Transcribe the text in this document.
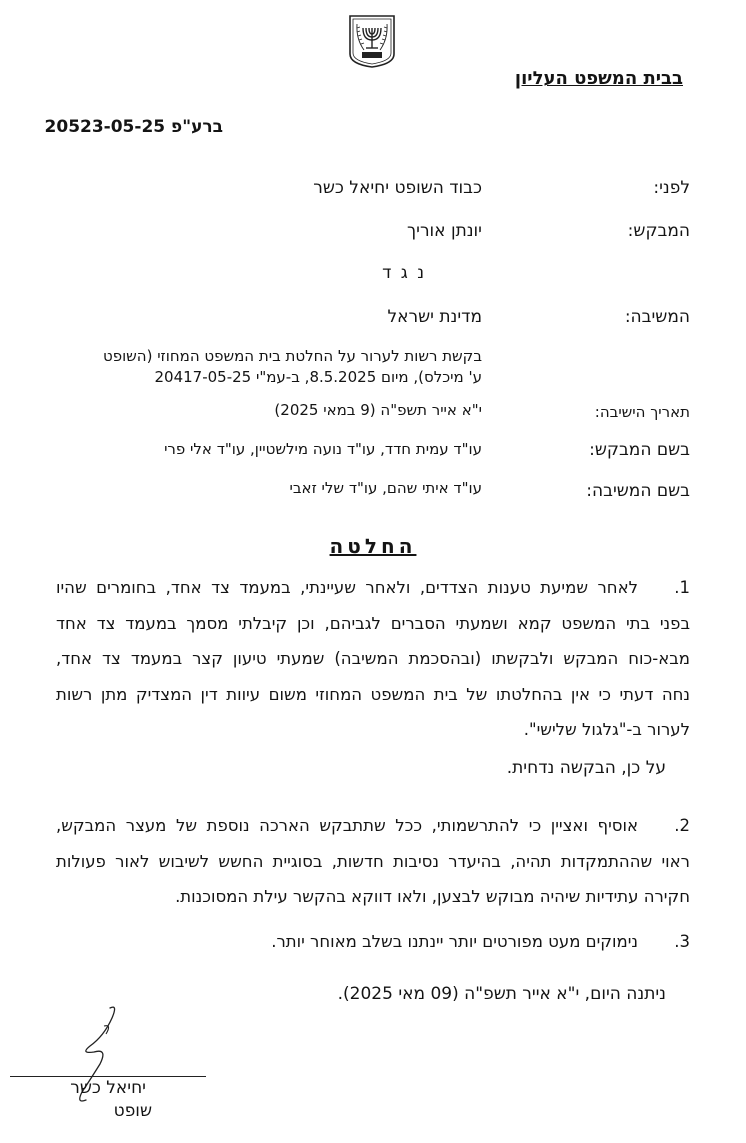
בבית המשפט העליון
ברע"פ 20523-05-25
לפני:
כבוד השופט יחיאל כשר
המבקש:
יונתן אוריך
נ ג ד
המשיבה:
מדינת ישראל
בקשת רשות לערור על החלטת בית המשפט המחוזי (השופט
ע' מיכלס), מיום 8.5.2025, ב-עמ"י 20417-05-25
תאריך הישיבה:
י"א אייר תשפ"ה (9 במאי 2025)
בשם המבקש:
עו"ד עמית חדד, עו"ד נועה מילשטיין, עו"ד אלי פרי
בשם המשיבה:
עו"ד איתי שהם, עו"ד שלי זאבי
החלטה
1.לאחר שמיעת טענות הצדדים, ולאחר שעיינתי, במעמד צד אחד, בחומרים שהיו
בפני בתי המשפט קמא ושמעתי הסברים לגביהם, וכן קיבלתי מסמך במעמד צד אחד
מבא-כוח המבקש ולבקשתו (ובהסכמת המשיבה) שמעתי טיעון קצר במעמד צד אחד,
נחה דעתי כי אין בהחלטתו של בית המשפט המחוזי משום עיוות דין המצדיק מתן רשות
לערור ב-"גלגול שלישי".
על כן, הבקשה נדחית.
2.אוסיף ואציין כי להתרשמותי, ככל שתתבקש הארכה נוספת של מעצר המבקש,
ראוי שההתמקדות תהיה, בהיעדר נסיבות חדשות, בסוגיית החשש לשיבוש לאור פעולות
חקירה עתידיות שיהיה מבוקש לבצען, ולאו דווקא בהקשר עילת המסוכנות.
3.נימוקים מעט מפורטים יותר יינתנו בשלב מאוחר יותר.
ניתנה היום, י"א אייר תשפ"ה (09 מאי 2025).
יחיאל כשר
שופט
